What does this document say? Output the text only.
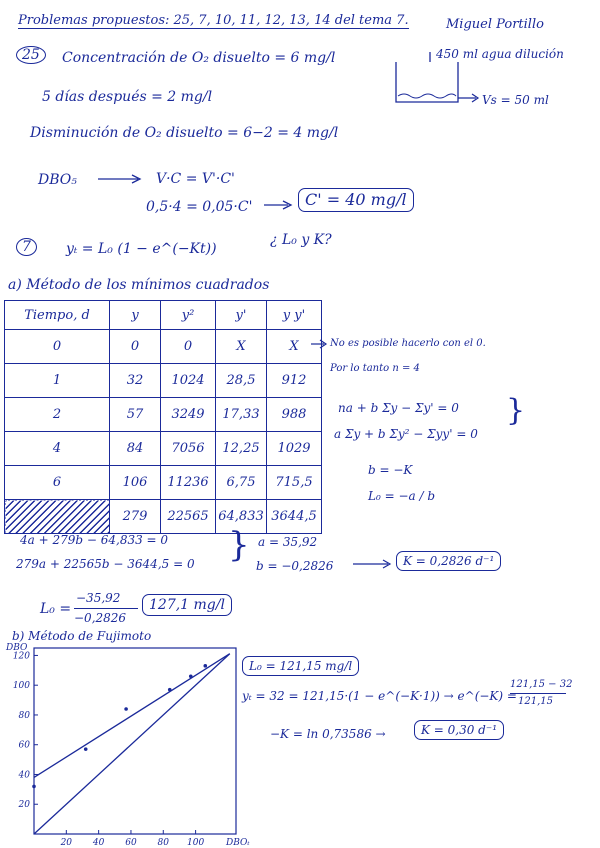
Problemas propuestos: 25, 7, 10, 11, 12, 13, 14 del tema 7.	Miguel Portillo
25	Concentración de O₂ disuelto = 6 mg/l	450 ml agua dilución
Vs = 50 ml
5 días después = 2 mg/l
Disminución de O₂ disuelto = 6−2 = 4 mg/l
DBO₅	V·C = V'·C'
0,5·4 = 0,05·C'	C' = 40 mg/l
7	yₜ = L₀ (1 − e^(−Kt))
¿ L₀ y K?
a) Método de los mínimos cuadrados
Tiempo, d	y	y²	y'	y y'
0	0	0	X	X
1	32	1024	28,5	912
2	57	3249	17,33	988
4	84	7056	12,25	1029
6	106	11236	6,75	715,5
	279	22565	64,833	3644,5
No es posible hacerlo con el 0.
Por lo tanto n = 4
na + b Σy − Σy' = 0
a Σy + b Σy² − Σyy' = 0
}
b = −K
L₀ = −a / b
4a + 279b − 64,833 = 0
279a + 22565b − 3644,5 = 0 } a = 35,92
b = −0,2826	K = 0,2826 d⁻¹
L₀ =
−35,92
−0,2826
127,1 mg/l
b) Método de Fujimoto
20
40
60
80
100
120
20 40 60 80 100
DBO
DBOₜ
L₀ = 121,15 mg/l
yₜ = 32 = 121,15·(1 − e^(−K·1)) → e^(−K) =
121,15 − 32
121,15
−K = ln 0,73586 →	K = 0,30 d⁻¹
